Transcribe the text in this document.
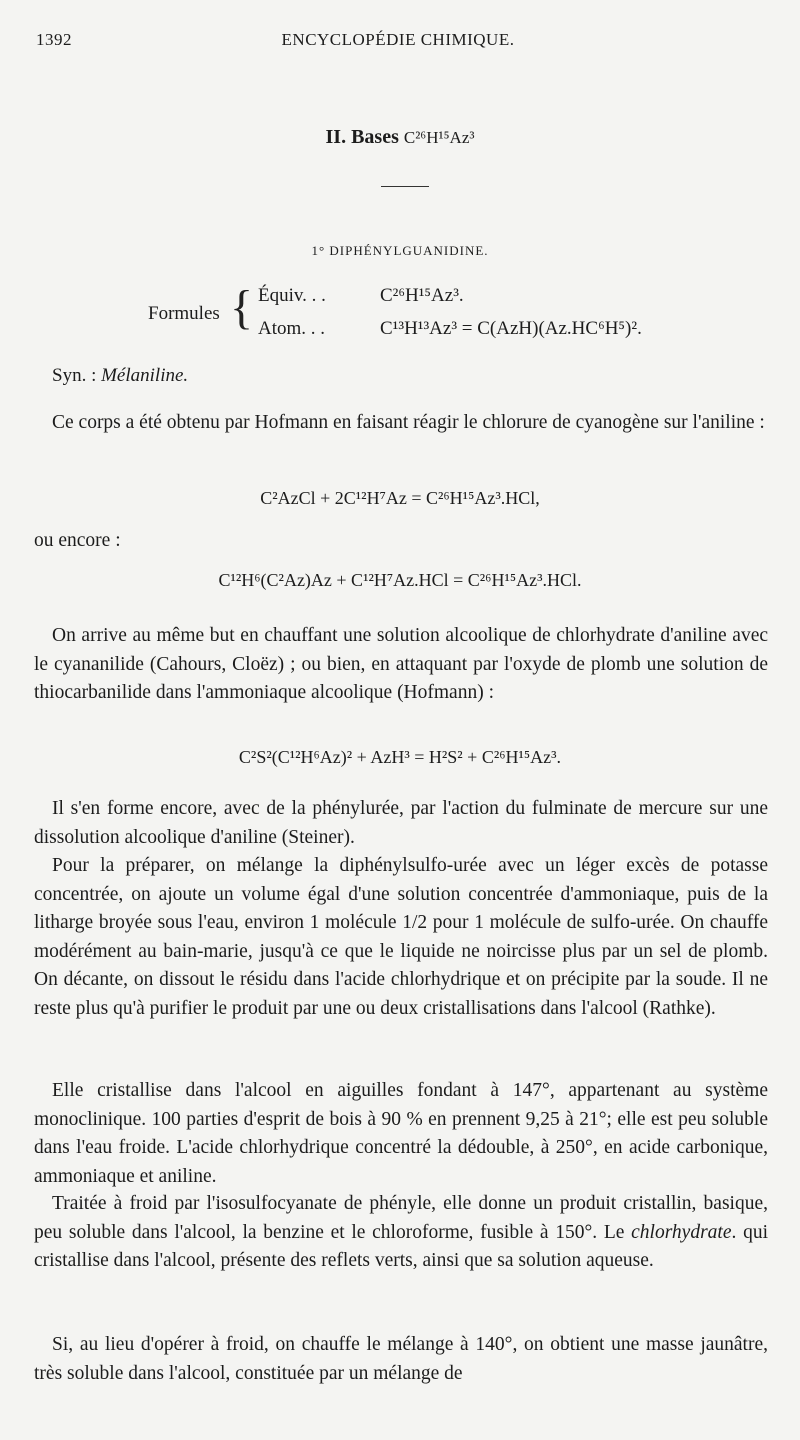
1392	ENCYCLOPÉDIE CHIMIQUE.
II. Bases C²⁶H¹⁵Az³
1° DIPHÉNYLGUANIDINE.
Formules { Équiv. . .	C²⁶H¹⁵Az³.
Atom. . .	C¹³H¹³Az³ = C(AzH)(Az.HC⁶H⁵)².
Syn. : Mélaniline.
Ce corps a été obtenu par Hofmann en faisant réagir le chlorure de cyanogène sur l'aniline :
C²AzCl + 2C¹²H⁷Az = C²⁶H¹⁵Az³.HCl,
ou encore :
C¹²H⁶(C²Az)Az + C¹²H⁷Az.HCl = C²⁶H¹⁵Az³.HCl.
On arrive au même but en chauffant une solution alcoolique de chlorhydrate d'aniline avec le cyananilide (Cahours, Cloëz) ; ou bien, en attaquant par l'oxyde de plomb une solution de thiocarbanilide dans l'ammoniaque alcoolique (Hofmann) :
C²S²(C¹²H⁶Az)² + AzH³ = H²S² + C²⁶H¹⁵Az³.
Il s'en forme encore, avec de la phénylurée, par l'action du fulminate de mercure sur une dissolution alcoolique d'aniline (Steiner).
Pour la préparer, on mélange la diphénylsulfo-urée avec un léger excès de potasse concentrée, on ajoute un volume égal d'une solution concentrée d'ammoniaque, puis de la litharge broyée sous l'eau, environ 1 molécule 1/2 pour 1 molécule de sulfo-urée. On chauffe modérément au bain-marie, jusqu'à ce que le liquide ne noircisse plus par un sel de plomb. On décante, on dissout le résidu dans l'acide chlorhydrique et on précipite par la soude. Il ne reste plus qu'à purifier le produit par une ou deux cristallisations dans l'alcool (Rathke).
Elle cristallise dans l'alcool en aiguilles fondant à 147°, appartenant au système monoclinique. 100 parties d'esprit de bois à 90 % en prennent 9,25 à 21°; elle est peu soluble dans l'eau froide. L'acide chlorhydrique concentré la dédouble, à 250°, en acide carbonique, ammoniaque et aniline.
Traitée à froid par l'isosulfocyanate de phényle, elle donne un produit cristallin, basique, peu soluble dans l'alcool, la benzine et le chloroforme, fusible à 150°. Le chlorhydrate. qui cristallise dans l'alcool, présente des reflets verts, ainsi que sa solution aqueuse.
Si, au lieu d'opérer à froid, on chauffe le mélange à 140°, on obtient une masse jaunâtre, très soluble dans l'alcool, constituée par un mélange de
